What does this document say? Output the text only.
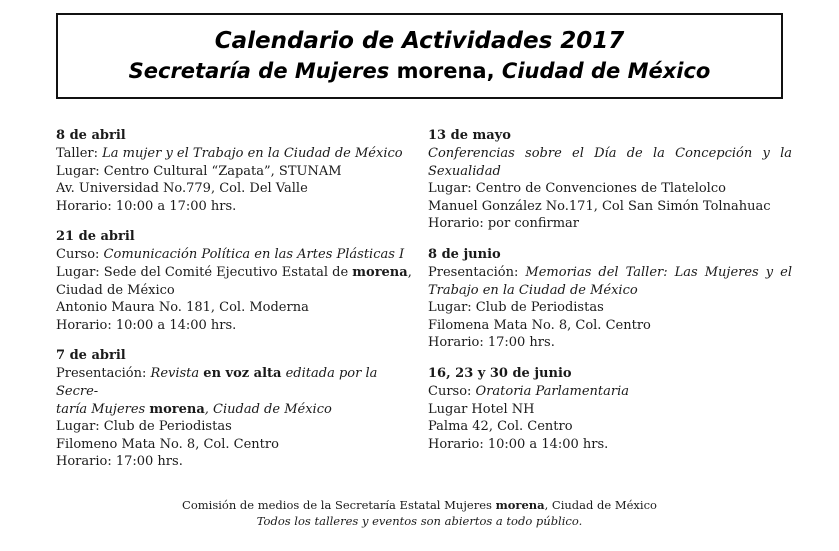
Calendario de Actividades 2017
Secretaría de Mujeres morena, Ciudad de México
8 de abril
Taller: La mujer y el Trabajo en la Ciudad de México
Lugar: Centro Cultural “Zapata”, STUNAM
Av. Universidad No.779, Col. Del Valle
Horario: 10:00 a 17:00 hrs.
21 de abril
Curso: Comunicación Política en las Artes Plásticas I
Lugar: Sede del Comité Ejecutivo Estatal de morena,
Ciudad de México
Antonio Maura No. 181, Col. Moderna
Horario: 10:00 a 14:00 hrs.
7 de abril
Presentación: Revista en voz alta editada por la Secre-
taría Mujeres morena, Ciudad de México
Lugar: Club de Periodistas
Filomeno Mata No. 8, Col. Centro
Horario: 17:00 hrs.
13 de mayo
Conferencias sobre el Día de la Concepción y la Sexualidad
Lugar: Centro de Convenciones de Tlatelolco
Manuel González No.171, Col San Simón Tolnahuac
Horario: por confirmar
8 de junio
Presentación: Memorias del Taller: Las Mujeres y el Trabajo en la Ciudad de México
Lugar: Club de Periodistas
Filomena Mata No. 8, Col. Centro
Horario: 17:00 hrs.
16, 23 y 30 de junio
Curso: Oratoria Parlamentaria
Lugar Hotel NH
Palma 42, Col. Centro
Horario: 10:00 a 14:00 hrs.
Comisión de medios de la Secretaría Estatal Mujeres morena, Ciudad de México
Todos los talleres y eventos son abiertos a todo público.
